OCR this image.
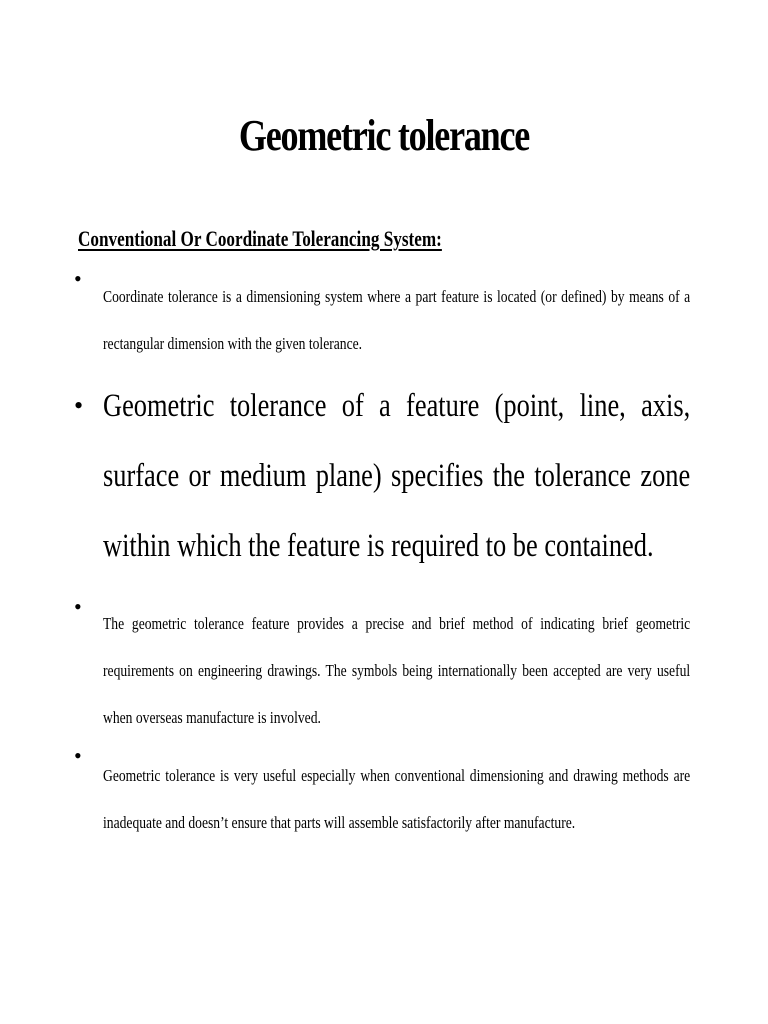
Geometric tolerance
Conventional Or Coordinate Tolerancing System:
•

Coordinate tolerance is a dimensioning system where a part feature is located (or defined) by means of a rectangular dimension with the given tolerance.

• Geometric tolerance of a feature (point, line, axis, surface or medium plane) specifies the tolerance zone within which the feature is required to be contained.

•

The geometric tolerance feature provides a precise and brief method of indicating brief geometric requirements on engineering drawings. The symbols being internationally been accepted are very useful when overseas manufacture is involved.

•

Geometric tolerance is very useful especially when conventional dimensioning and drawing methods are inadequate and doesn’t ensure that parts will assemble satisfactorily after manufacture.
